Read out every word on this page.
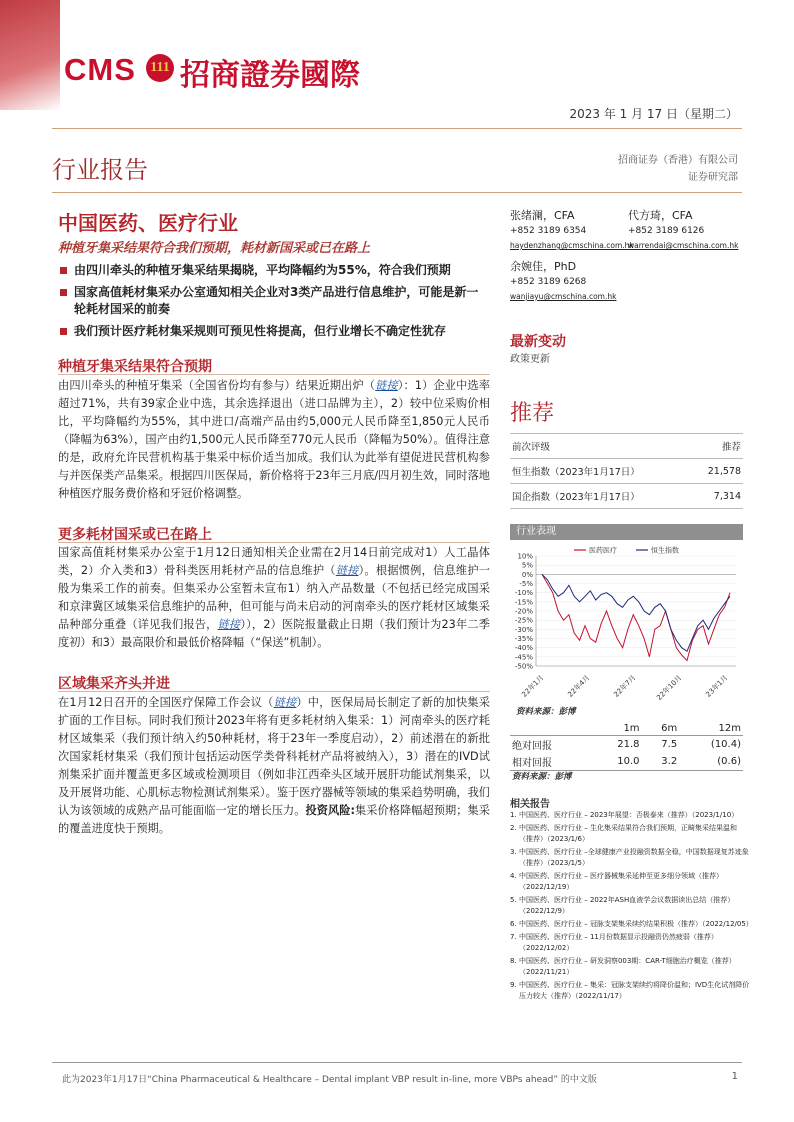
CMS	111 招商證券國際
2023 年 1 月 17 日（星期二）
行业报告	招商证券（香港）有限公司
证券研究部
中国医药、医疗行业
种植牙集采结果符合我们预期，耗材新国采或已在路上
由四川牵头的种植牙集采结果揭晓，平均降幅约为55%，符合我们预期
国家高值耗材集采办公室通知相关企业对3类产品进行信息维护，可能是新一轮耗材国采的前奏
我们预计医疗耗材集采规则可预见性将提高，但行业增长不确定性犹存
种植牙集采结果符合预期
由四川牵头的种植牙集采（全国省份均有参与）结果近期出炉（链接）：1）企业中选率超过71%，共有39家企业中选，其余选择退出（进口品牌为主），2）较中位采购价相比，平均降幅约为55%，其中进口/高端产品由约5,000元人民币降至1,850元人民币（降幅为63%），国产由约1,500元人民币降至770元人民币（降幅为50%）。值得注意的是，政府允许民营机构基于集采中标价适当加成。我们认为此举有望促进民营机构参与并医保类产品集采。根据四川医保局，新价格将于23年三月底/四月初生效，同时落地种植医疗服务费价格和牙冠价格调整。
更多耗材国采或已在路上
国家高值耗材集采办公室于1月12日通知相关企业需在2月14日前完成对1）人工晶体类，2）介入类和3）骨科类医用耗材产品的信息维护（链接）。根据惯例，信息维护一般为集采工作的前奏。但集采办公室暂未宣布1）纳入产品数量（不包括已经完成国采和京津冀区域集采信息维护的品种，但可能与尚未启动的河南牵头的医疗耗材区域集采品种部分重叠（详见我们报告，链接）），2）医院报量截止日期（我们预计为23年二季度初）和3）最高限价和最低价格降幅（“保送”机制）。
区域集采齐头并进
在1月12日召开的全国医疗保障工作会议（链接）中，医保局局长制定了新的加快集采扩面的工作目标。同时我们预计2023年将有更多耗材纳入集采：1）河南牵头的医疗耗材区域集采（我们预计纳入约50种耗材，将于23年一季度启动），2）前述潜在的新批次国家耗材集采（我们预计包括运动医学类骨科耗材产品将被纳入），3）潜在的IVD试剂集采扩面并覆盖更多区域或检测项目（例如非江西牵头区域开展肝功能试剂集采，以及开展肾功能、心肌标志物检测试剂集采）。鉴于医疗器械等领域的集采趋势明确，我们认为该领域的成熟产品可能面临一定的增长压力。投资风险:集采价格降幅超预期；集采的覆盖进度快于预期。
张绪澜，CFA
+852 3189 6354
haydenzhang@cmschina.com.hk
代方琦，CFA
+852 3189 6126
warrendai@cmschina.com.hk
余婉佳，PhD
+852 3189 6268
wanjiayu@cmschina.com.hk
最新变动
政策更新
推荐
前次评级	推荐
恒生指数（2023年1月17日）	21,578
国企指数（2023年1月17日）	7,314
行业表现
10%
5%
0%
-5%
-10%
-15%
-20%
-25%
-30%
-35%
-40%
-45%
-50%
22年1月	22年4月	22年7月	22年10月	23年1月
医药医疗	恒生指数
资料来源：彭博
	1m	6m	12m
绝对回报	21.8	7.5	(10.4)
相对回报	10.0	3.2	(0.6)
资料来源：彭博
相关报告
1. 中国医药、医疗行业 – 2023年展望：否极泰来（推荐）（2023/1/10）
2. 中国医药、医疗行业 – 生化集采结果符合我们预期，正畸集采结果温和（推荐）（2023/1/6）
3. 中国医药、医疗行业 –全球健康产业投融资数据全稳，中国数据现复苏迹象（推荐）（2023/1/5）
4. 中国医药、医疗行业 – 医疗器械集采延伸至更多细分领域（推荐）（2022/12/19）
5. 中国医药、医疗行业 – 2022年ASH血液学会议数据读出总结（推荐）（2022/12/9）
6. 中国医药、医疗行业 – 冠脉支架集采续约结果积极（推荐）（2022/12/05）
7. 中国医药、医疗行业 – 11月份数据显示投融资仍然疲弱（推荐）（2022/12/02）
8. 中国医药、医疗行业 – 研发洞察003期：CAR-T细胞治疗概览（推荐）（2022/11/21）
9. 中国医药、医疗行业 – 集采：冠脉支架续约将降价温和；IVD生化试剂降价压力较大（推荐）（2022/11/17）
此为2023年1月17日“China Pharmaceutical & Healthcare – Dental implant VBP result in-line, more VBPs ahead” 的中文版	1
